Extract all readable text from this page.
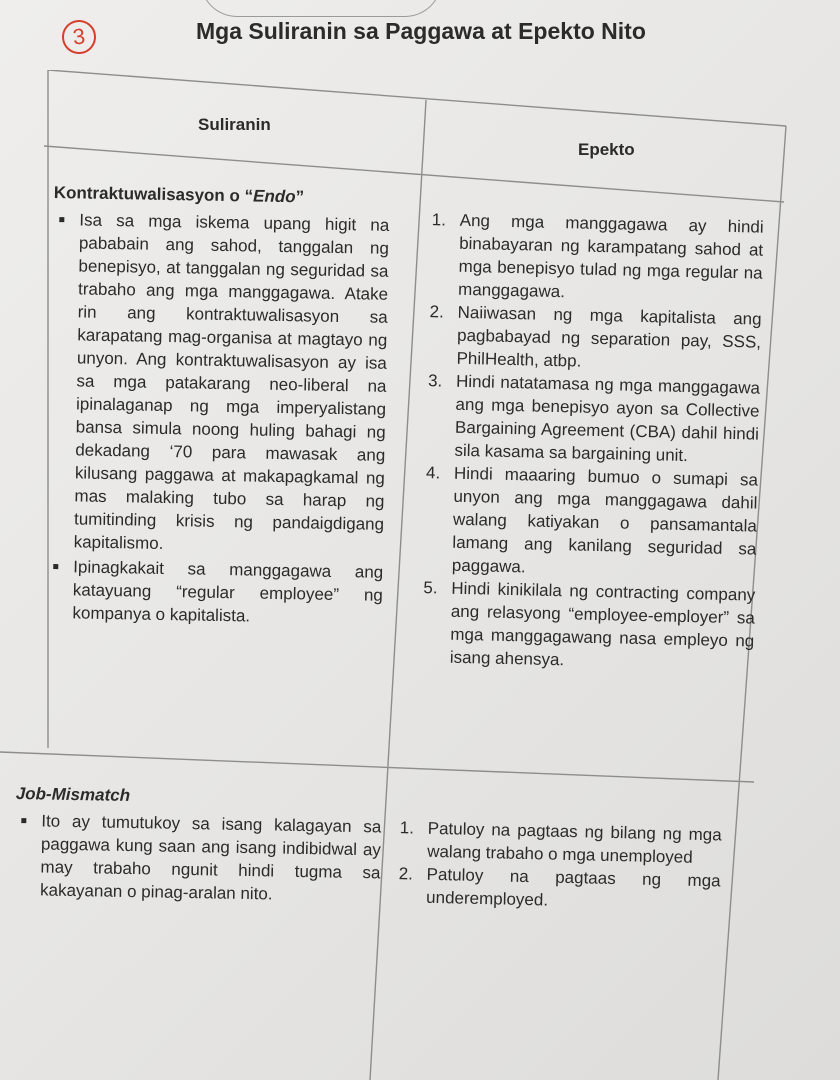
3	Mga Suliranin sa Paggawa at Epekto Nito
Suliranin
Epekto
Kontraktuwalisasyon o “Endo”
Isa sa mga iskema upang higit na pababain ang sahod, tanggalan ng benepisyo, at tanggalan ng seguridad sa trabaho ang mga manggagawa. Atake rin ang kontraktuwalisasyon sa karapatang mag-organisa at magtayo ng unyon. Ang kontraktuwalisasyon ay isa sa mga patakarang neo-liberal na ipinalaganap ng mga imperyalistang bansa simula noong huling bahagi ng dekadang ‘70 para mawasak ang kilusang paggawa at makapagkamal ng mas malaking tubo sa harap ng tumitinding krisis ng pandaigdigang kapitalismo.
Ipinagkakait sa manggagawa ang katayuang “regular employee” ng kompanya o kapitalista.
1. Ang mga manggagawa ay hindi binabayaran ng karampatang sahod at mga benepisyo tulad ng mga regular na manggagawa.
2. Naiiwasan ng mga kapitalista ang pagbabayad ng separation pay, SSS, PhilHealth, atbp.
3. Hindi natatamasa ng mga manggagawa ang mga benepisyo ayon sa Collective Bargaining Agreement (CBA) dahil hindi sila kasama sa bargaining unit.
4. Hindi maaaring bumuo o sumapi sa unyon ang mga manggagawa dahil walang katiyakan o pansamantala lamang ang kanilang seguridad sa paggawa.
5. Hindi kinikilala ng contracting company ang relasyong “employee-employer” sa mga manggagawang nasa empleyo ng isang ahensya.
Job-Mismatch
Ito ay tumutukoy sa isang kalagayan sa paggawa kung saan ang isang indibidwal ay may trabaho ngunit hindi tugma sa kakayanan o pinag-aralan nito.
1. Patuloy na pagtaas ng bilang ng mga walang trabaho o mga unemployed
2. Patuloy na pagtaas ng mga underemployed.
